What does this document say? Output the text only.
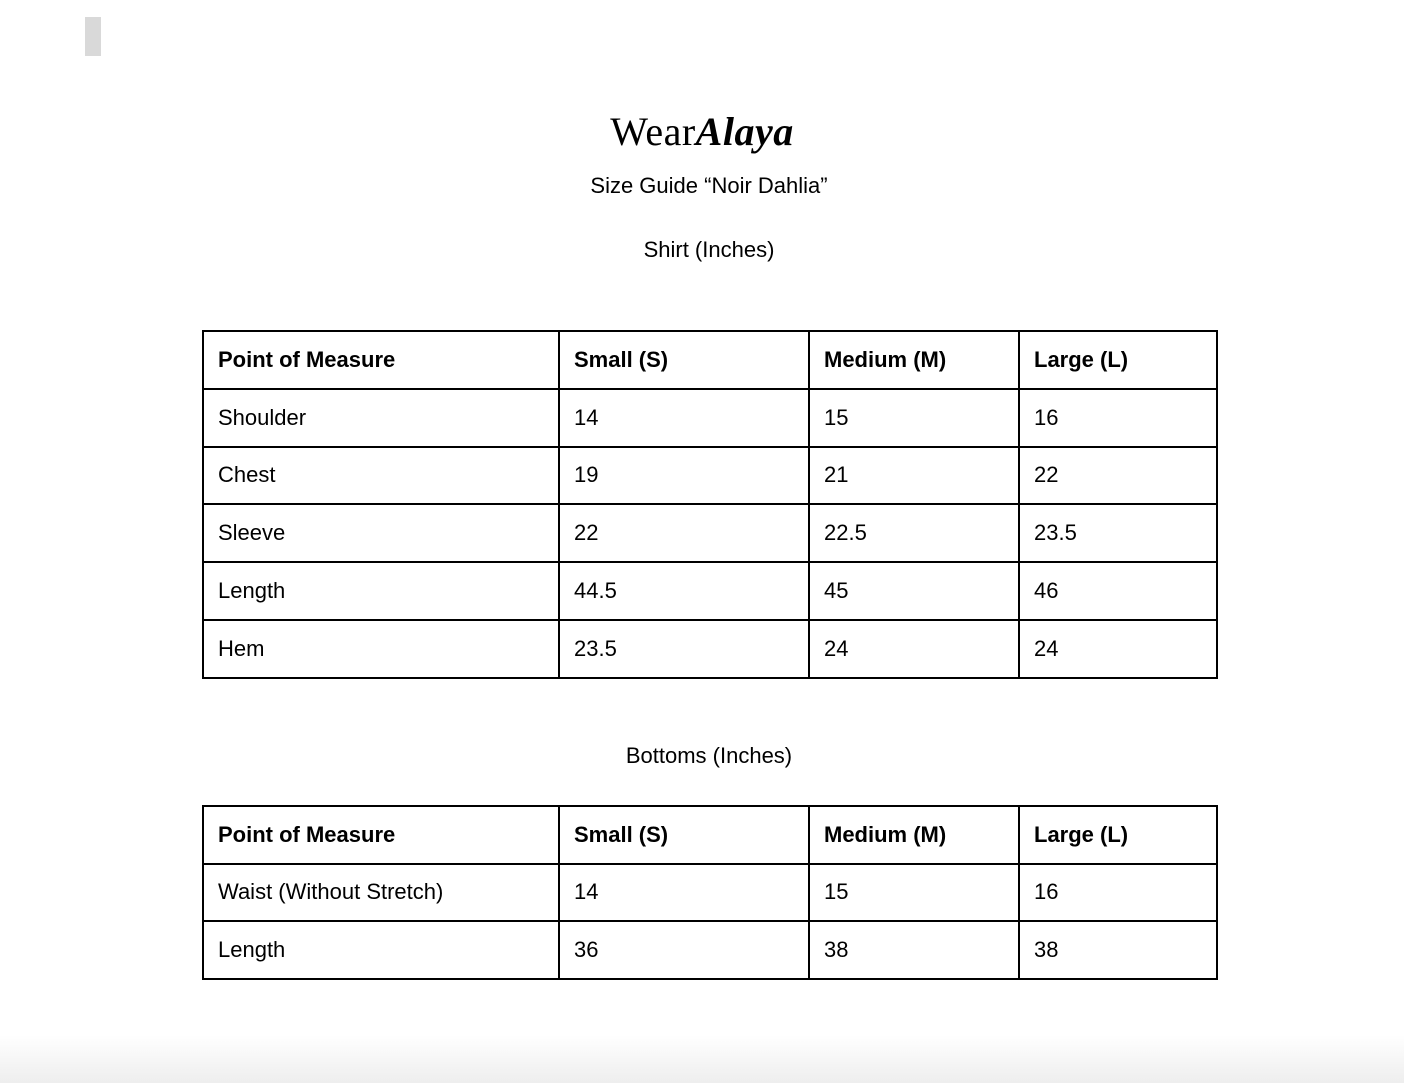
WearAlaya
Size Guide “Noir Dahlia”
Shirt (Inches)
Point of Measure	Small (S)	Medium (M)	Large (L)
Shoulder	14	15	16
Chest	19	21	22
Sleeve	22	22.5	23.5
Length	44.5	45	46
Hem	23.5	24	24
Bottoms (Inches)
Point of Measure	Small (S)	Medium (M)	Large (L)
Waist (Without Stretch)	14	15	16
Length	36	38	38
